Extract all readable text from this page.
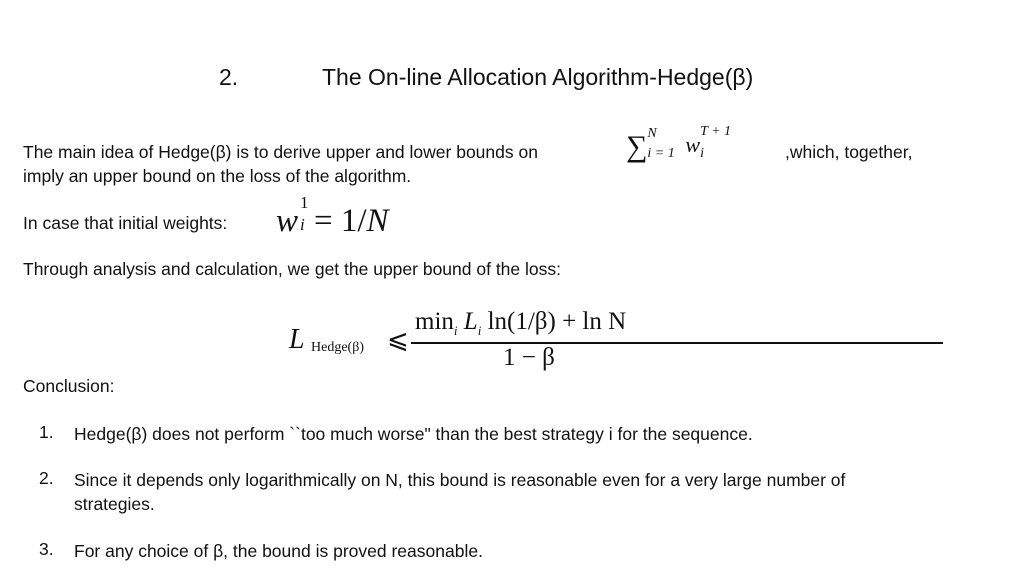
2.	The On-line Allocation Algorithm-Hedge(β)
The main idea of Hedge(β) is to derive upper and lower bounds on	∑ N
i = 1 w
T + 1
i	,which, together,
imply an upper bound on the loss of the algorithm.
In case that initial weights: w
1
i = 1/N
Through analysis and calculation, we get the upper bound of the loss:
L Hedge(β) ⩽
$\min_i L_i$ ln(1/β) + ln N
1 − β
Conclusion:
1. Hedge(β) does not perform ``too much worse" than the best strategy i for the sequence.
2. Since it depends only logarithmically on N, this bound is reasonable even for a very large number of
strategies.
3. For any choice of β, the bound is proved reasonable.
